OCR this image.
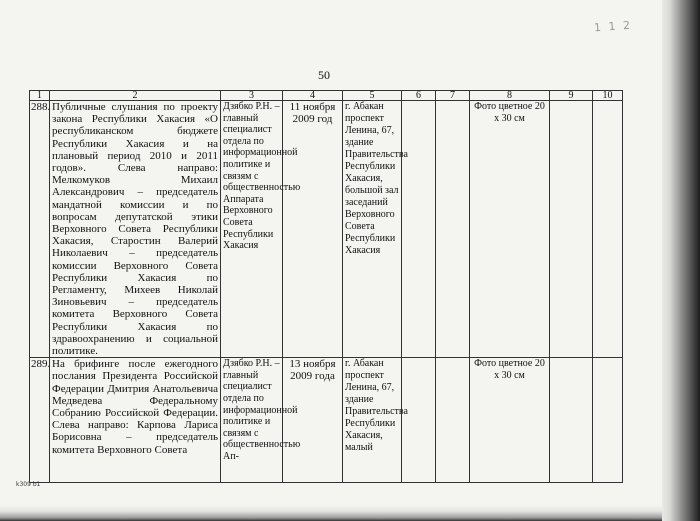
1 1 2
50
1	2	3	4	5	6	7	8	9	10
288.	Публичные слушания по проекту закона Республики Хакасия «О республиканском бюджете Республики Хакасия и на плановый период 2010 и 2011 годов». Слева направо: Мелкомуков Михаил Александрович – председатель мандатной комиссии и по вопросам депутатской этики Верховного Совета Республики Хакасия, Старостин Валерий Николаевич – председатель комиссии Верховного Совета Республики Хакасия по Регламенту, Михеев Николай Зиновьевич – председатель комитета Верховного Совета Республики Хакасия по здравоохранению и социальной политике.	Дзябко Р.Н. – главный специалист отдела по информационной политике и связям с общественностью Аппарата Верховного Совета Республики Хакасия	11 ноября 2009 год	г. Абакан проспект Ленина, 67, здание Правительства Республики Хакасия, большой зал заседаний Верховного Совета Республики Хакасия			Фото цветное 20 х 30 см		
289.	На брифинге после ежегодного послания Президента Российской Федерации Дмитрия Анатольевича Медведева Федеральному Собранию Российской Федерации. Слева направо: Карпова Лариса Борисовна – председатель комитета Верховного Совета	Дзябко Р.Н. – главный специалист отдела по информационной политике и связям с общественностью Ап-	13 ноября 2009 года	г. Абакан проспект Ленина, 67, здание Правительства Республики Хакасия, малый			Фото цветное 20 х 30 см		
k309 b1
